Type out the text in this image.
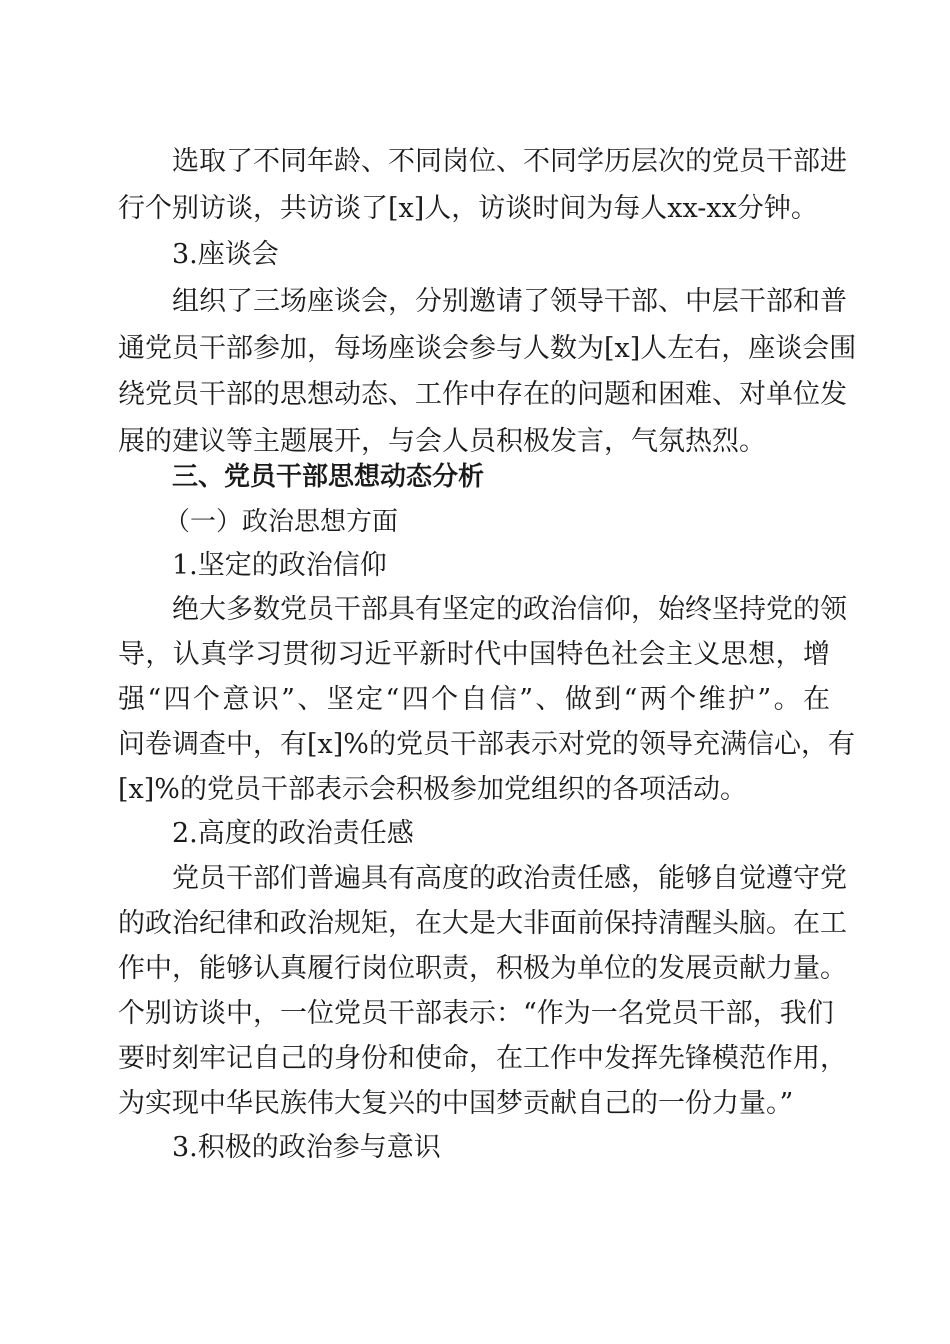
选取了不同年龄、不同岗位、不同学历层次的党员干部进
行个别访谈，共访谈了[x]人，访谈时间为每人xx-xx分钟。
3.座谈会
组织了三场座谈会，分别邀请了领导干部、中层干部和普
通党员干部参加，每场座谈会参与人数为[x]人左右，座谈会围
绕党员干部的思想动态、工作中存在的问题和困难、对单位发
展的建议等主题展开，与会人员积极发言，气氛热烈。
三、党员干部思想动态分析
（一）政治思想方面
1.坚定的政治信仰
绝大多数党员干部具有坚定的政治信仰，始终坚持党的领
导，认真学习贯彻习近平新时代中国特色社会主义思想，增
强“四个意识”、坚定“四个自信”、做到“两个维护”。在
问卷调查中，有[x]%的党员干部表示对党的领导充满信心，有
[x]%的党员干部表示会积极参加党组织的各项活动。
2.高度的政治责任感
党员干部们普遍具有高度的政治责任感，能够自觉遵守党
的政治纪律和政治规矩，在大是大非面前保持清醒头脑。在工
作中，能够认真履行岗位职责，积极为单位的发展贡献力量。
个别访谈中，一位党员干部表示：“作为一名党员干部，我们
要时刻牢记自己的身份和使命，在工作中发挥先锋模范作用，
为实现中华民族伟大复兴的中国梦贡献自己的一份力量。”
3.积极的政治参与意识
